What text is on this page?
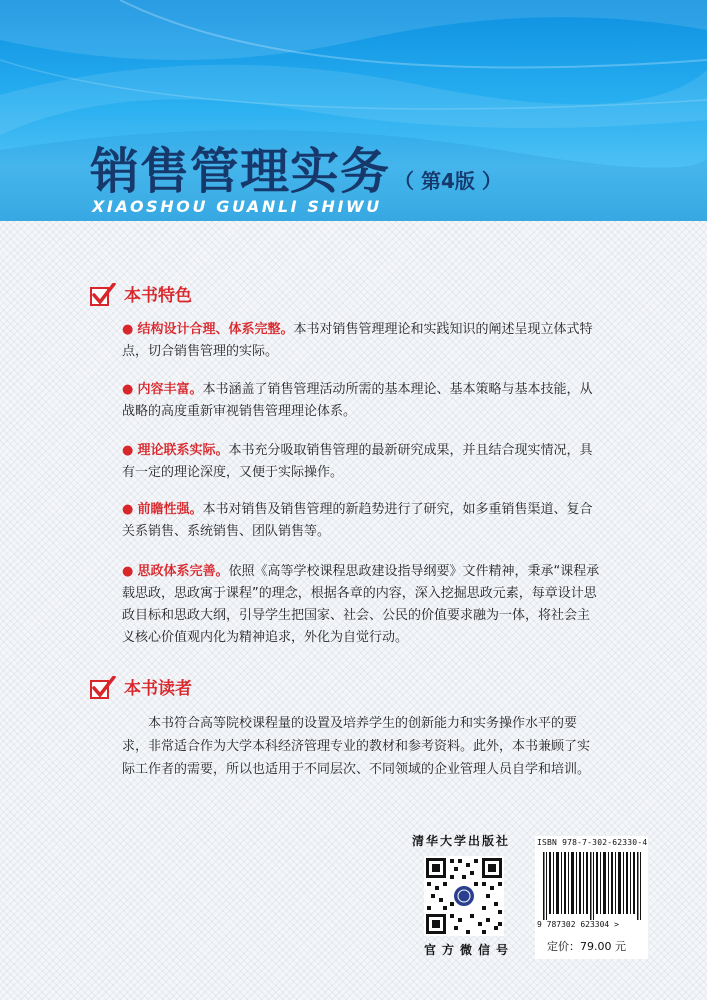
销售管理实务 （ 第4版 ）
XIAOSHOU GUANLI SHIWU
本书特色
● 结构设计合理、体系完整。本书对销售管理理论和实践知识的阐述呈现立体式特点，切合销售管理的实际。
● 内容丰富。本书涵盖了销售管理活动所需的基本理论、基本策略与基本技能，从战略的高度重新审视销售管理理论体系。
● 理论联系实际。本书充分吸取销售管理的最新研究成果，并且结合现实情况，具有一定的理论深度，又便于实际操作。
● 前瞻性强。本书对销售及销售管理的新趋势进行了研究，如多重销售渠道、复合关系销售、系统销售、团队销售等。
● 思政体系完善。依照《高等学校课程思政建设指导纲要》文件精神，秉承“课程承载思政，思政寓于课程”的理念，根据各章的内容，深入挖掘思政元素，每章设计思政目标和思政大纲，引导学生把国家、社会、公民的价值要求融为一体，将社会主义核心价值观内化为精神追求，外化为自觉行动。
本书读者
本书符合高等院校课程量的设置及培养学生的创新能力和实务操作水平的要求，非常适合作为大学本科经济管理专业的教材和参考资料。此外，本书兼顾了实际工作者的需要，所以也适用于不同层次、不同领域的企业管理人员自学和培训。
清华大学出版社
官方微信号
ISBN 978-7-302-62330-4
9 787302 623304 >
定价：79.00 元
